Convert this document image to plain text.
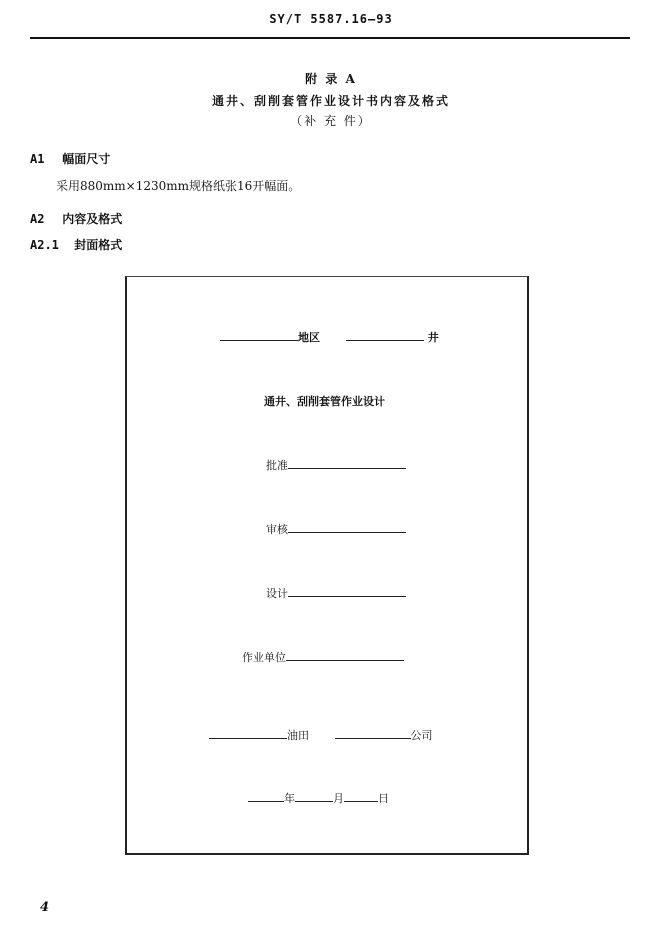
SY/T 5587.16—93
附 录 A
通井、刮削套管作业设计书内容及格式
（补 充 件）
A1 幅面尺寸
采用880mm×1230mm规格纸张16开幅面。
A2 内容及格式
A2.1 封面格式
地区	井
通井、刮削套管作业设计
批准
审核
设计
作业单位
油田	公司
年	月	日
4
